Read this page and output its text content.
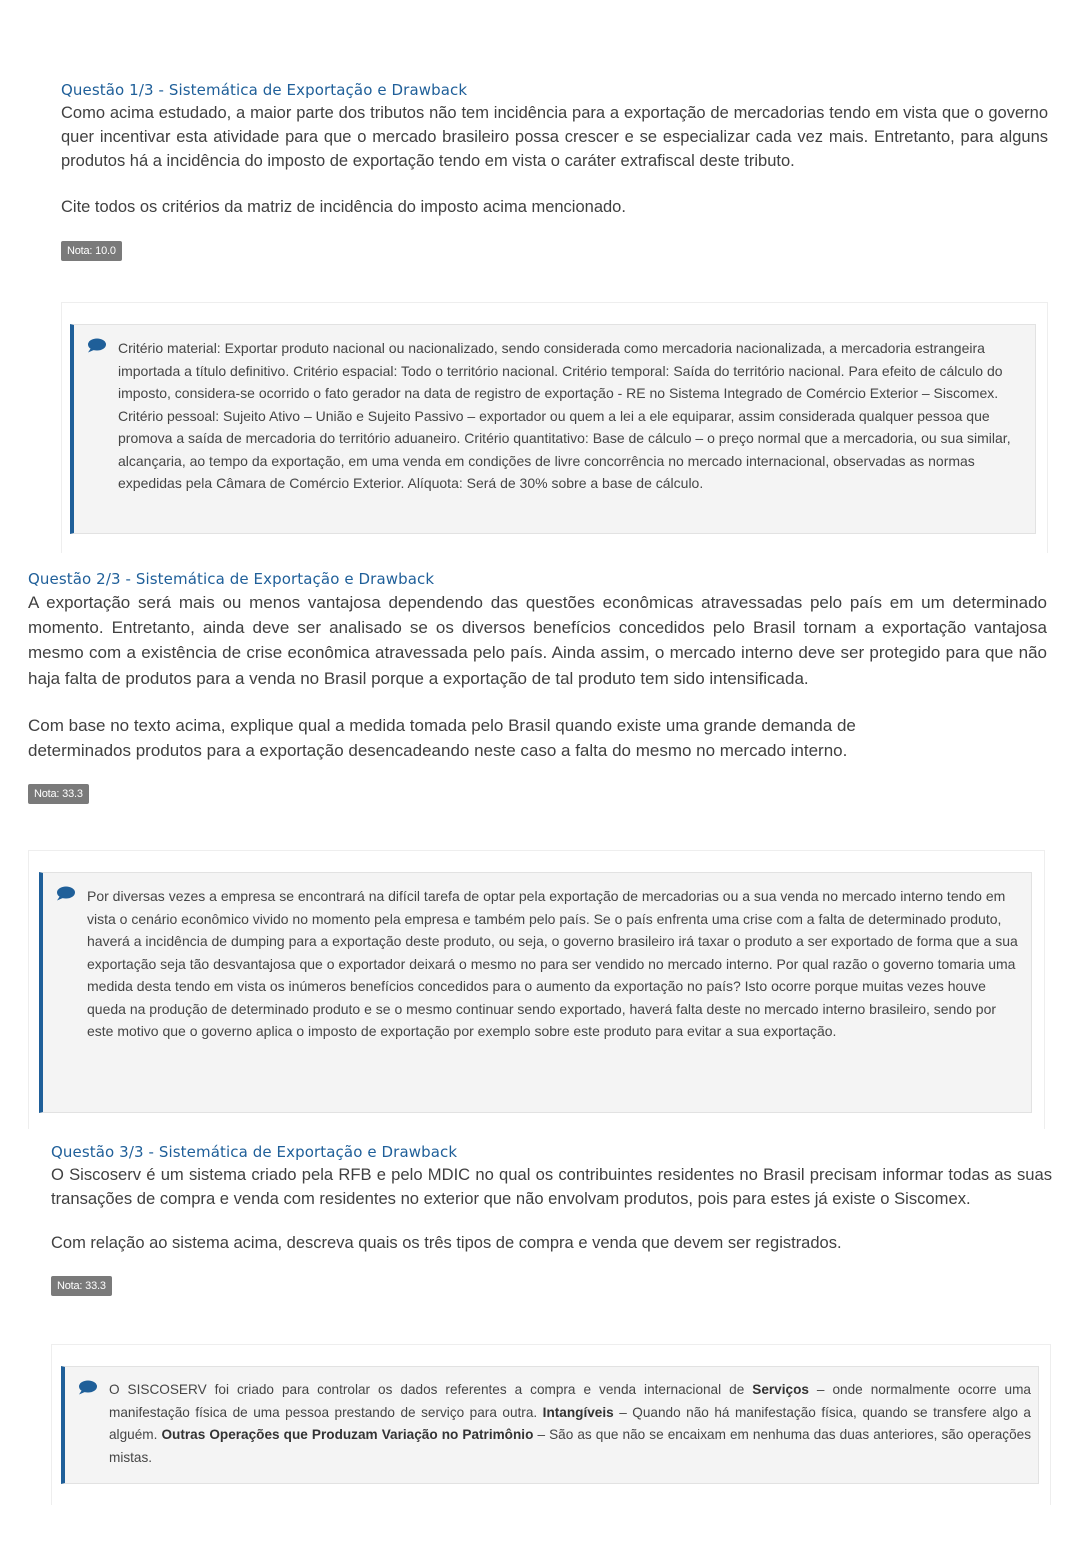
Questão 1/3 - Sistemática de Exportação e Drawback

Como acima estudado, a maior parte dos tributos não tem incidência para a exportação de mercadorias tendo em vista que o governo quer incentivar esta atividade para que o mercado brasileiro possa crescer e se especializar cada vez mais. Entretanto, para alguns produtos há a incidência do imposto de exportação tendo em vista o caráter extrafiscal deste tributo.

Cite todos os critérios da matriz de incidência do imposto acima mencionado.

Nota: 10.0

Critério material: Exportar produto nacional ou nacionalizado, sendo considerada como mercadoria nacionalizada, a mercadoria estrangeira importada a título definitivo. Critério espacial: Todo o território nacional. Critério temporal: Saída do território nacional. Para efeito de cálculo do imposto, considera-se ocorrido o fato gerador na data de registro de exportação - RE no Sistema Integrado de Comércio Exterior – Siscomex. Critério pessoal: Sujeito Ativo – União e Sujeito Passivo – exportador ou quem a lei a ele equiparar, assim considerada qualquer pessoa que promova a saída de mercadoria do território aduaneiro. Critério quantitativo: Base de cálculo – o preço normal que a mercadoria, ou sua similar, alcançaria, ao tempo da exportação, em uma venda em condições de livre concorrência no mercado internacional, observadas as normas expedidas pela Câmara de Comércio Exterior. Alíquota: Será de 30% sobre a base de cálculo.

Questão 2/3 - Sistemática de Exportação e Drawback

A exportação será mais ou menos vantajosa dependendo das questões econômicas atravessadas pelo país em um determinado momento. Entretanto, ainda deve ser analisado se os diversos benefícios concedidos pelo Brasil tornam a exportação vantajosa mesmo com a existência de crise econômica atravessada pelo país. Ainda assim, o mercado interno deve ser protegido para que não haja falta de produtos para a venda no Brasil porque a exportação de tal produto tem sido intensificada.

Com base no texto acima, explique qual a medida tomada pelo Brasil quando existe uma grande demanda de determinados produtos para a exportação desencadeando neste caso a falta do mesmo no mercado interno.

Nota: 33.3

Por diversas vezes a empresa se encontrará na difícil tarefa de optar pela exportação de mercadorias ou a sua venda no mercado interno tendo em vista o cenário econômico vivido no momento pela empresa e também pelo país. Se o país enfrenta uma crise com a falta de determinado produto, haverá a incidência de dumping para a exportação deste produto, ou seja, o governo brasileiro irá taxar o produto a ser exportado de forma que a sua exportação seja tão desvantajosa que o exportador deixará o mesmo no para ser vendido no mercado interno. Por qual razão o governo tomaria uma medida desta tendo em vista os inúmeros benefícios concedidos para o aumento da exportação no país? Isto ocorre porque muitas vezes houve queda na produção de determinado produto e se o mesmo continuar sendo exportado, haverá falta deste no mercado interno brasileiro, sendo por este motivo que o governo aplica o imposto de exportação por exemplo sobre este produto para evitar a sua exportação.

Questão 3/3 - Sistemática de Exportação e Drawback

O Siscoserv é um sistema criado pela RFB e pelo MDIC no qual os contribuintes residentes no Brasil precisam informar todas as suas transações de compra e venda com residentes no exterior que não envolvam produtos, pois para estes já existe o Siscomex.

Com relação ao sistema acima, descreva quais os três tipos de compra e venda que devem ser registrados.

Nota: 33.3

O SISCOSERV foi criado para controlar os dados referentes a compra e venda internacional de Serviços – onde normalmente ocorre uma manifestação física de uma pessoa prestando de serviço para outra. Intangíveis – Quando não há manifestação física, quando se transfere algo a alguém. Outras Operações que Produzam Variação no Patrimônio – São as que não se encaixam em nenhuma das duas anteriores, são operações mistas.
